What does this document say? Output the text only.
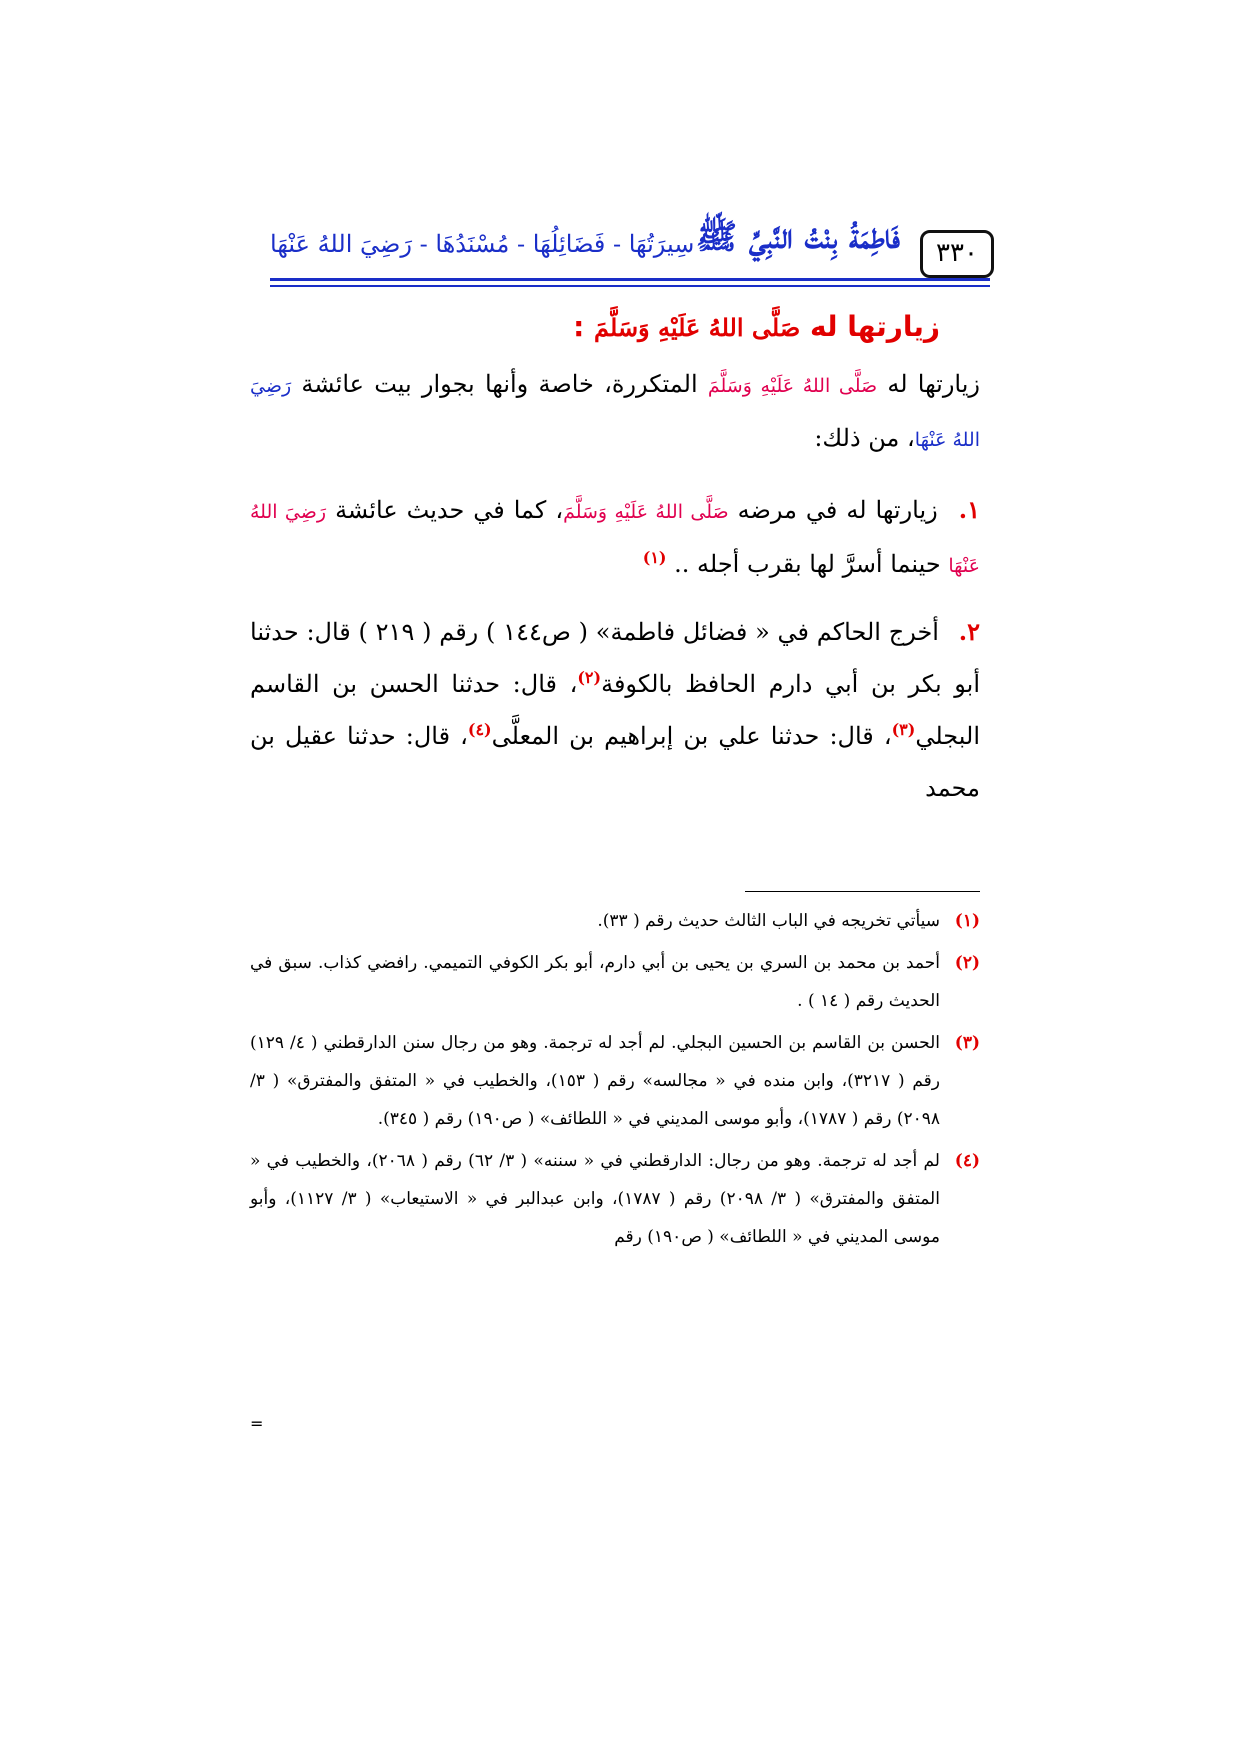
٣٣٠
فَاطِمَةُ بِنْتُ النَّبِيِّ ﷺ
سِيرَتُهَا - فَضَائِلُهَا - مُسْنَدُهَا - رَضِيَ اللهُ عَنْهَا
زيارتها له صَلَّى اللهُ عَلَيْهِ وَسَلَّمَ :
زيارتها له صَلَّى اللهُ عَلَيْهِ وَسَلَّمَ المتكررة، خاصة وأنها بجوار بيت عائشة رَضِيَ اللهُ عَنْهَا، من ذلك:
١. زيارتها له في مرضه صَلَّى اللهُ عَلَيْهِ وَسَلَّمَ، كما في حديث عائشة رَضِيَ اللهُ عَنْهَا حينما أسرَّ لها بقرب أجله .. $^{(١)}$
٢. أخرج الحاكم في « فضائل فاطمة» ( ص١٤٤ ) رقم ( ٢١٩ ) قال: حدثنا أبو بكر بن أبي دارم الحافظ بالكوفة$^{(٢)}$، قال: حدثنا الحسن بن القاسم البجلي$^{(٣)}$، قال: حدثنا علي بن إبراهيم بن المعلَّى$^{(٤)}$، قال: حدثنا عقيل بن محمد
(١)
سيأتي تخريجه في الباب الثالث حديث رقم ( ٣٣).
(٢)
أحمد بن محمد بن السري بن يحيى بن أبي دارم، أبو بكر الكوفي التميمي. رافضي كذاب. سبق في الحديث رقم ( ١٤ ) .
(٣)
الحسن بن القاسم بن الحسين البجلي. لم أجد له ترجمة. وهو من رجال سنن الدارقطني ( ٤/ ١٢٩) رقم ( ٣٢١٧)، وابن منده في « مجالسه» رقم ( ١٥٣)، والخطيب في « المتفق والمفترق» ( ٣/ ٢٠٩٨) رقم ( ١٧٨٧)، وأبو موسى المديني في « اللطائف» ( ص١٩٠) رقم ( ٣٤٥).
(٤)
لم أجد له ترجمة. وهو من رجال: الدارقطني في « سننه» ( ٣/ ٦٢) رقم ( ٢٠٦٨)، والخطيب في « المتفق والمفترق» ( ٣/ ٢٠٩٨) رقم ( ١٧٨٧)، وابن عبدالبر في « الاستيعاب» ( ٣/ ١١٢٧)، وأبو موسى المديني في « اللطائف» ( ص١٩٠) رقم
=
